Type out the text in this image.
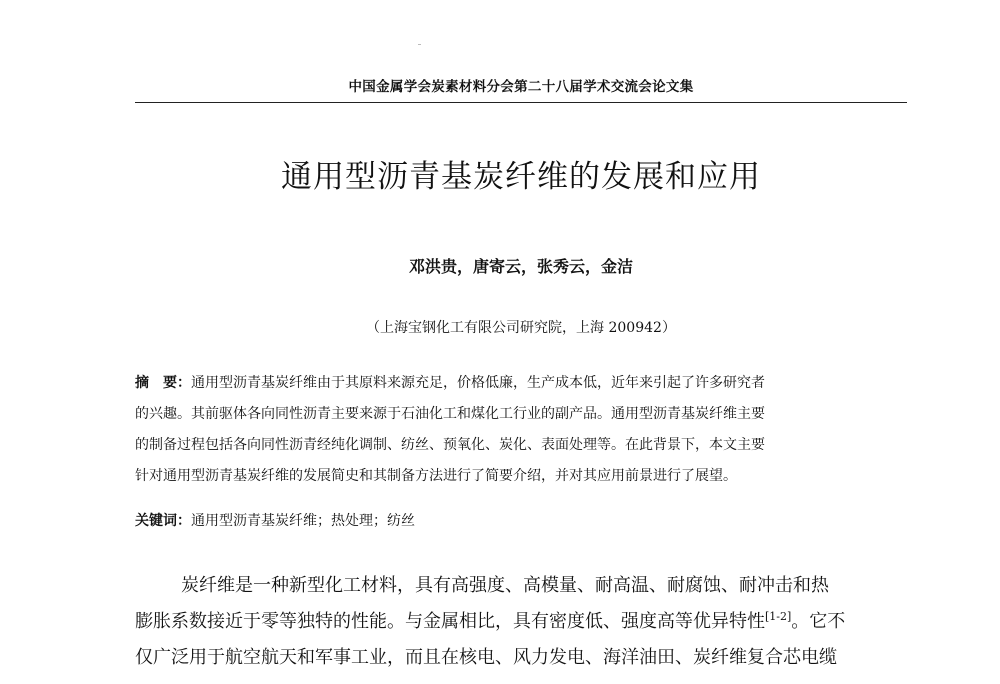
中国金属学会炭素材料分会第二十八届学术交流会论文集
通用型沥青基炭纤维的发展和应用
邓洪贵，唐寄云，张秀云，金洁
（上海宝钢化工有限公司研究院，上海 200942）
摘　要：通用型沥青基炭纤维由于其原料来源充足，价格低廉，生产成本低，近年来引起了许多研究者
的兴趣。其前驱体各向同性沥青主要来源于石油化工和煤化工行业的副产品。通用型沥青基炭纤维主要
的制备过程包括各向同性沥青经纯化调制、纺丝、预氧化、炭化、表面处理等。在此背景下，本文主要
针对通用型沥青基炭纤维的发展简史和其制备方法进行了简要介绍，并对其应用前景进行了展望。
关键词：通用型沥青基炭纤维；热处理；纺丝
炭纤维是一种新型化工材料，具有高强度、高模量、耐高温、耐腐蚀、耐冲击和热
膨胀系数接近于零等独特的性能。与金属相比，具有密度低、强度高等优异特性[1-2]。它不
仅广泛用于航空航天和军事工业，而且在核电、风力发电、海洋油田、炭纤维复合芯电缆
